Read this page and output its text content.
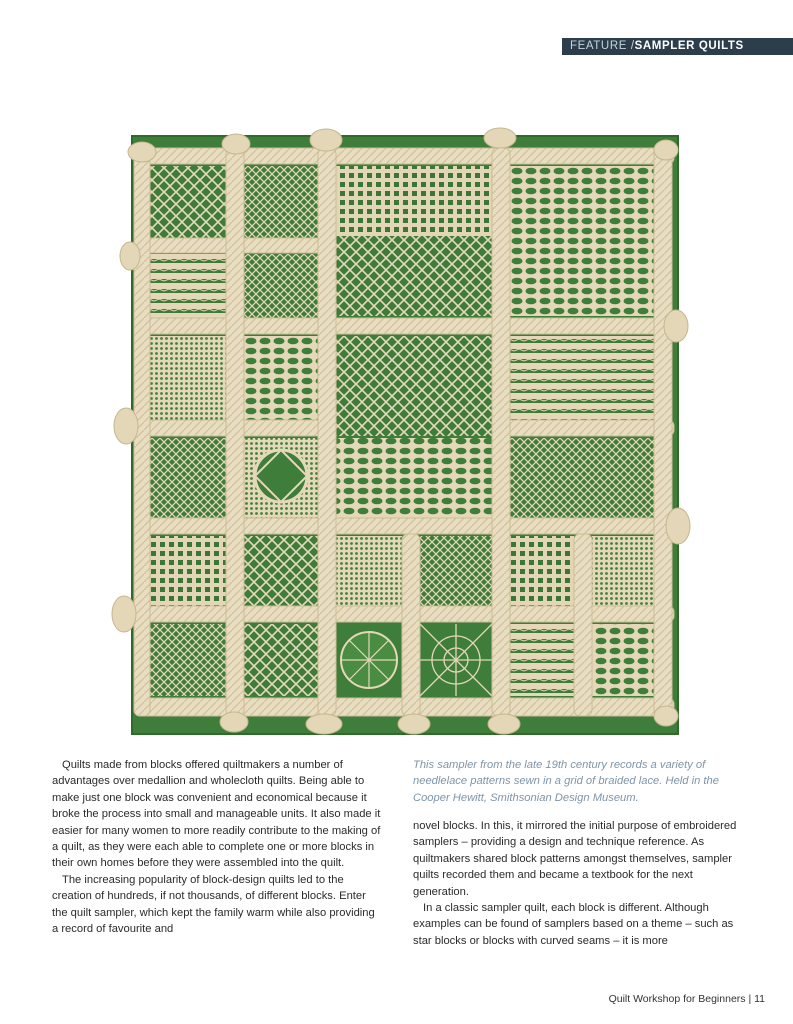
FEATURE /SAMPLER QUILTS

Quilts made from blocks offered quiltmakers a number of advantages over medallion and wholecloth quilts. Being able to make just one block was convenient and economical because it broke the process into small and manageable units. It also made it easier for many women to more readily contribute to the making of a quilt, as they were each able to complete one or more blocks in their own homes before they were assembled into the quilt.

The increasing popularity of block-design quilts led to the creation of hundreds, if not thousands, of different blocks. Enter the quilt sampler, which kept the family warm while also providing a record of favourite and

This sampler from the late 19th century records a variety of needlelace patterns sewn in a grid of braided lace. Held in the Cooper Hewitt, Smithsonian Design Museum.

novel blocks. In this, it mirrored the initial purpose of embroidered samplers – providing a design and technique reference. As quiltmakers shared block patterns amongst themselves, sampler quilts recorded them and became a textbook for the next generation.

In a classic sampler quilt, each block is different. Although examples can be found of samplers based on a theme – such as star blocks or blocks with curved seams – it is more

Quilt Workshop for Beginners | 11
